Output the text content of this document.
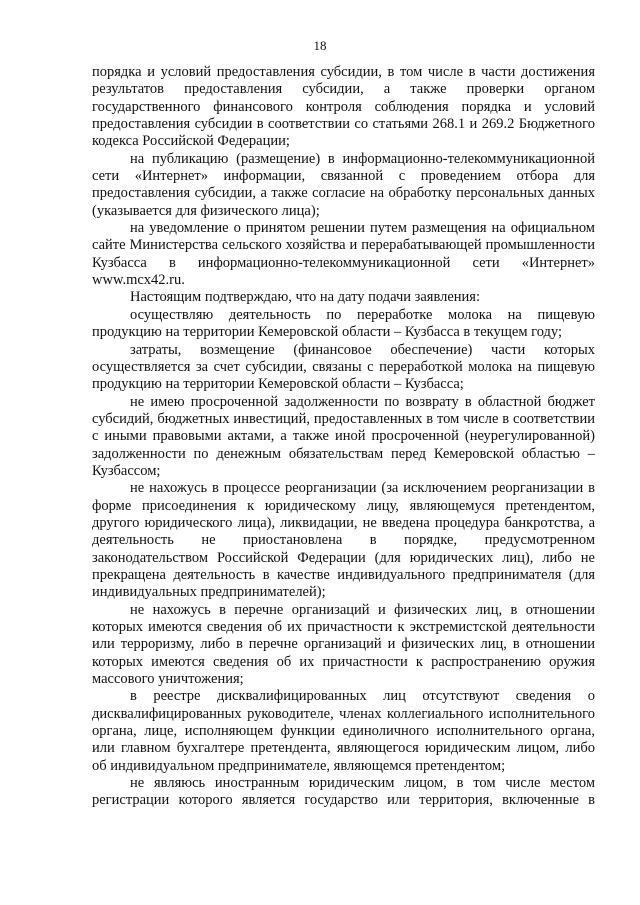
18

порядка и условий предоставления субсидии, в том числе в части достижения результатов предоставления субсидии, а также проверки органом государственного финансового контроля соблюдения порядка и условий предоставления субсидии в соответствии со статьями 268.1 и 269.2 Бюджетного кодекса Российской Федерации;

на публикацию (размещение) в информационно-телекоммуникационной сети «Интернет» информации, связанной с проведением отбора для предоставления субсидии, а также согласие на обработку персональных данных (указывается для физического лица);

на уведомление о принятом решении путем размещения на официальном сайте Министерства сельского хозяйства и перерабатывающей промышленности Кузбасса в информационно-телекоммуникационной сети «Интернет» www.mcx42.ru.

Настоящим подтверждаю, что на дату подачи заявления:

осуществляю деятельность по переработке молока на пищевую продукцию на территории Кемеровской области – Кузбасса в текущем году;

затраты, возмещение (финансовое обеспечение) части которых осуществляется за счет субсидии, связаны с переработкой молока на пищевую продукцию на территории Кемеровской области – Кузбасса;

не имею просроченной задолженности по возврату в областной бюджет субсидий, бюджетных инвестиций, предоставленных в том числе в соответствии с иными правовыми актами, а также иной просроченной (неурегулированной) задолженности по денежным обязательствам перед Кемеровской областью – Кузбассом;

не нахожусь в процессе реорганизации (за исключением реорганизации в форме присоединения к юридическому лицу, являющемуся претендентом, другого юридического лица), ликвидации, не введена процедура банкротства, а деятельность не приостановлена в порядке, предусмотренном законодательством Российской Федерации (для юридических лиц), либо не прекращена деятельность в качестве индивидуального предпринимателя (для индивидуальных предпринимателей);

не нахожусь в перечне организаций и физических лиц, в отношении которых имеются сведения об их причастности к экстремистской деятельности или терроризму, либо в перечне организаций и физических лиц, в отношении которых имеются сведения об их причастности к распространению оружия массового уничтожения;

в реестре дисквалифицированных лиц отсутствуют сведения о дисквалифицированных руководителе, членах коллегиального исполнительного органа, лице, исполняющем функции единоличного исполнительного органа, или главном бухгалтере претендента, являющегося юридическим лицом, либо об индивидуальном предпринимателе, являющемся претендентом;

не являюсь иностранным юридическим лицом, в том числе местом регистрации которого является государство или территория, включенные в
